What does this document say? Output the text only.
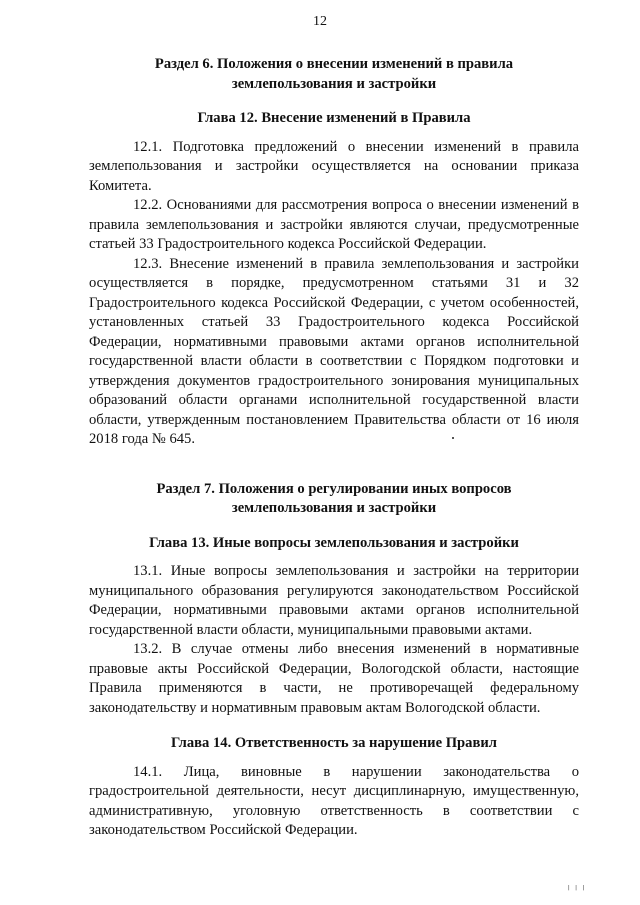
12

Раздел 6. Положения о внесении изменений в правила
землепользования и застройки

Глава 12. Внесение изменений в Правила

12.1. Подготовка предложений о внесении изменений в правила землепользования и застройки осуществляется на основании приказа Комитета.

12.2. Основаниями для рассмотрения вопроса о внесении изменений в правила землепользования и застройки являются случаи, предусмотренные статьей 33 Градостроительного кодекса Российской Федерации.

12.3. Внесение изменений в правила землепользования и застройки осуществляется в порядке, предусмотренном статьями 31 и 32 Градостроительного кодекса Российской Федерации, с учетом особенностей, установленных статьей 33 Градостроительного кодекса Российской Федерации, нормативными правовыми актами органов исполнительной государственной власти области в соответствии с Порядком подготовки и утверждения документов градостроительного зонирования муниципальных образований области органами исполнительной государственной власти области, утвержденным постановлением Правительства области от 16 июля 2018 года № 645.

Раздел 7. Положения о регулировании иных вопросов
землепользования и застройки

Глава 13. Иные вопросы землепользования и застройки

13.1. Иные вопросы землепользования и застройки на территории муниципального образования регулируются законодательством Российской Федерации, нормативными правовыми актами органов исполнительной государственной власти области, муниципальными правовыми актами.

13.2. В случае отмены либо внесения изменений в нормативные правовые акты Российской Федерации, Вологодской области, настоящие Правила применяются в части, не противоречащей федеральному законодательству и нормативным правовым актам Вологодской области.

Глава 14. Ответственность за нарушение Правил

14.1. Лица, виновные в нарушении законодательства о градостроительной деятельности, несут дисциплинарную, имущественную, административную, уголовную ответственность в соответствии с законодательством Российской Федерации.

╷╷╷
